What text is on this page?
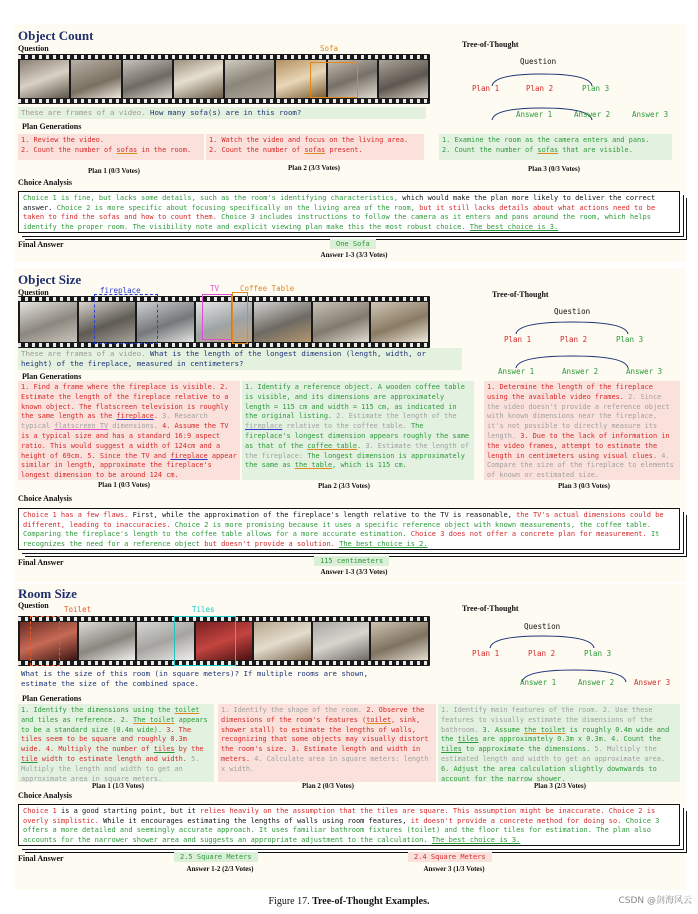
Object Count
Question	Sofa
These are frames of a video. How many sofa(s) are in this room?
Plan Generations
1. Review the video.
2. Count the number of sofas in the room.
1. Watch the video and focus on the living area.
2. Count the number of sofas present.
1. Examine the room as the camera enters and pans.
2. Count the number of sofas that are visible.
Plan 1 (0/3 Votes)	Plan 2 (3/3 Votes)	Plan 3 (0/3 Votes)
Choice Analysis
Choice 1 is fine, but lacks some details, such as the room's identifying characteristics, which would make the plan more likely to deliver the correct answer. Choice 2 is more specific about focusing specifically on the living area of the room, but it still lacks details about what actions need to be taken to find the sofas and how to count them. Choice 3 includes instructions to follow the camera as it enters and pans around the room, which helps identify the proper room. The visibility note and explicit viewing plan make this the most robust choice. The best choice is 3.
Final Answer	One Sofa
Answer 1-3 (3/3 Votes)
Tree-of-Thought
Question
Plan 1	Plan 2	Plan 3
Answer 1	Answer 2	Answer 3
Object Size
Question	fireplace	TV	Coffee Table
These are frames of a video. What is the length of the longest dimension (length, width, or height) of the fireplace, measured in centimeters?
Plan Generations
1. Find a frame where the fireplace is visible. 2. Estimate the length of the fireplace relative to a known object. The flatscreen television is roughly the same length as the fireplace. 3. Research typical flatscreen TV dimensions. 4. Assume the TV is a typical size and has a standard 16:9 aspect ratio. This would suggest a width of 124cm and a height of 69cm. 5. Since the TV and fireplace appear similar in length, approximate the fireplace's longest dimension to be around 124 cm.
1. Identify a reference object. A wooden coffee table is visible, and its dimensions are approximately length = 115 cm and width = 115 cm, as indicated in the original listing. 2. Estimate the length of the fireplace relative to the coffee table. The fireplace's longest dimension appears roughly the same as that of the coffee table. 3. Estimate the length of the fireplace: The longest dimension is approximately the same as the table, which is 115 cm.
1. Determine the length of the fireplace using the available video frames. 2. Since the video doesn't provide a reference object with known dimensions near the fireplace, it's not possible to directly measure its length. 3. Due to the lack of information in the video frames, attempt to estimate the length in centimeters using visual clues. 4. Compare the size of the fireplace to elements of known or estimated size.
Plan 1 (0/3 Votes)	Plan 2 (3/3 Votes)	Plan 3 (0/3 Votes)
Choice Analysis
Choice 1 has a few flaws. First, while the approximation of the fireplace's length relative to the TV is reasonable, the TV's actual dimensions could be different, leading to inaccuracies. Choice 2 is more promising because it uses a specific reference object with known measurements, the coffee table. Comparing the fireplace's length to the coffee table allows for a more accurate estimation. Choice 3 does not offer a concrete plan for measurement. It recognizes the need for a reference object but doesn't provide a solution. The best choice is 2.
Final Answer	115 centimeters
Answer 1-3 (3/3 Votes)
Tree-of-Thought
Question
Plan 1	Plan 2	Plan 3
Answer 1	Answer 2	Answer 3
Room Size
Question Toilet	Tiles
What is the size of this room (in square meters)? If multiple rooms are shown, estimate the size of the combined space.
Plan Generations
1. Identify the dimensions using the toilet and tiles as reference. 2. The toilet appears to be a standard size (0.4m wide). 3. The tiles seem to be square and roughly 0.3m wide. 4. Multiply the number of tiles by the tile width to estimate length and width. 5. Multiply the length and width to get an approximate area in square meters.
1. Identify the shape of the room. 2. Observe the dimensions of the room's features (toilet, sink, shower stall) to estimate the lengths of walls, recognizing that some objects may visually distort the room's size. 3. Estimate length and width in meters. 4. Calculate area in square meters: length x width.
1. Identify main features of the room. 2. Use these features to visually estimate the dimensions of the bathroom. 3. Assume the toilet is roughly 0.4m wide and the tiles are approximately 0.3m x 0.3m. 4. Count the tiles to approximate the dimensions. 5. Multiply the estimated length and width to get an approximate area. 6. Adjust the area calculation slightly downwards to account for the narrow shower.
Plan 1 (1/3 Votes)	Plan 2 (0/3 Votes)	Plan 3 (2/3 Votes)
Choice Analysis
Choice 1 is a good starting point, but it relies heavily on the assumption that the tiles are square. This assumption might be inaccurate. Choice 2 is overly simplistic. While it encourages estimating the lengths of walls using room features, it doesn't provide a concrete method for doing so. Choice 3 offers a more detailed and seemingly accurate approach. It uses familiar bathroom fixtures (toilet) and the floor tiles for estimation. The plan also accounts for the narrower shower area and suggests an appropriate adjustment to the calculation. The best choice is 3.
Final Answer	2.5 Square Meters
Answer 1-2 (2/3 Votes)
2.4 Square Meters
Answer 3 (1/3 Votes)
Tree-of-Thought
Question
Plan 1	Plan 2	Plan 3
Answer 1	Answer 2	Answer 3
Figure 17. Tree-of-Thought Examples.	CSDN @剑海风云
